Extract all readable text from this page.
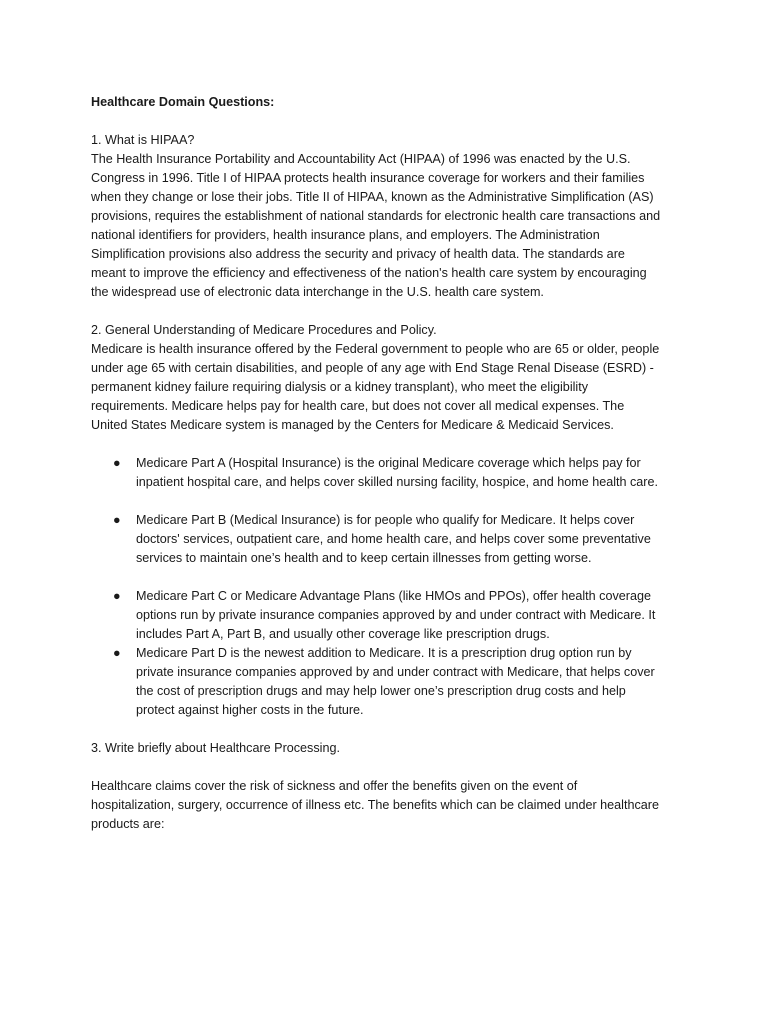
Healthcare Domain Questions:

1. What is HIPAA?

The Health Insurance Portability and Accountability Act (HIPAA) of 1996 was enacted by the U.S. Congress in 1996. Title I of HIPAA protects health insurance coverage for workers and their families when they change or lose their jobs. Title II of HIPAA, known as the Administrative Simplification (AS) provisions, requires the establishment of national standards for electronic health care transactions and national identifiers for providers, health insurance plans, and employers. The Administration Simplification provisions also address the security and privacy of health data. The standards are meant to improve the efficiency and effectiveness of the nation's health care system by encouraging the widespread use of electronic data interchange in the U.S. health care system.

2. General Understanding of Medicare Procedures and Policy.

Medicare is health insurance offered by the Federal government to people who are 65 or older, people under age 65 with certain disabilities, and people of any age with End Stage Renal Disease (ESRD) - permanent kidney failure requiring dialysis or a kidney transplant), who meet the eligibility requirements. Medicare helps pay for health care, but does not cover all medical expenses. The United States Medicare system is managed by the Centers for Medicare & Medicaid Services.

● Medicare Part A (Hospital Insurance) is the original Medicare coverage which helps pay for inpatient hospital care, and helps cover skilled nursing facility, hospice, and home health care.
● Medicare Part B (Medical Insurance) is for people who qualify for Medicare. It helps cover doctors' services, outpatient care, and home health care, and helps cover some preventative services to maintain one’s health and to keep certain illnesses from getting worse.
● Medicare Part C or Medicare Advantage Plans (like HMOs and PPOs), offer health coverage options run by private insurance companies approved by and under contract with Medicare. It includes Part A, Part B, and usually other coverage like prescription drugs.
● Medicare Part D is the newest addition to Medicare. It is a prescription drug option run by private insurance companies approved by and under contract with Medicare, that helps cover the cost of prescription drugs and may help lower one’s prescription drug costs and help protect against higher costs in the future.

3. Write briefly about Healthcare Processing.

Healthcare claims cover the risk of sickness and offer the benefits given on the event of hospitalization, surgery, occurrence of illness etc. The benefits which can be claimed under healthcare products are:
